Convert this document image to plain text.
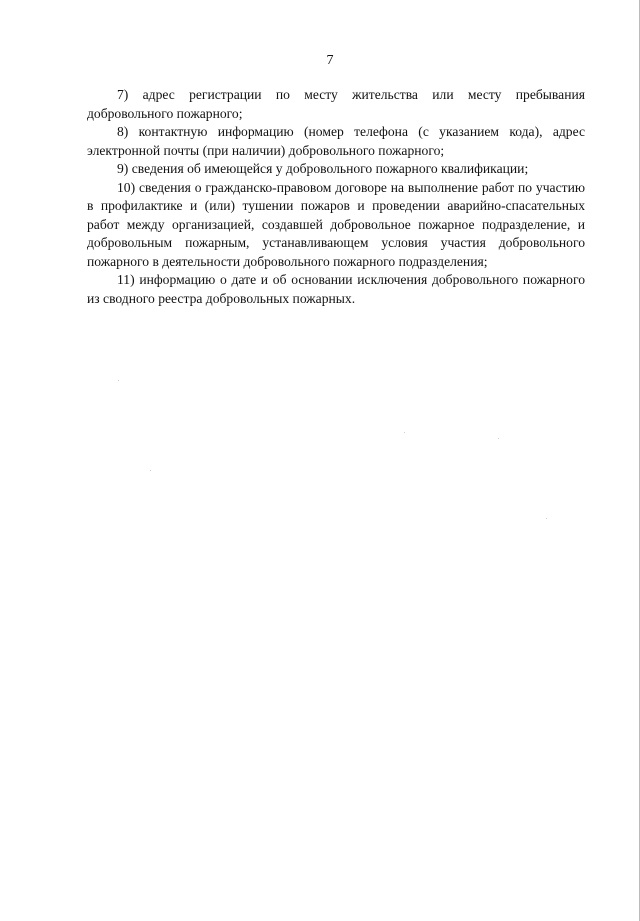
7

7) адрес регистрации по месту жительства или месту пребывания добровольного пожарного;

8) контактную информацию (номер телефона (с указанием кода), адрес электронной почты (при наличии) добровольного пожарного;

9) сведения об имеющейся у добровольного пожарного квалификации;

10) сведения о гражданско-правовом договоре на выполнение работ по участию в профилактике и (или) тушении пожаров и проведении аварийно-спасательных работ между организацией, создавшей добровольное пожарное подразделение, и добровольным пожарным, устанавливающем условия участия добровольного пожарного в деятельности добровольного пожарного подразделения;

11) информацию о дате и об основании исключения добровольного пожарного из сводного реестра добровольных пожарных.
